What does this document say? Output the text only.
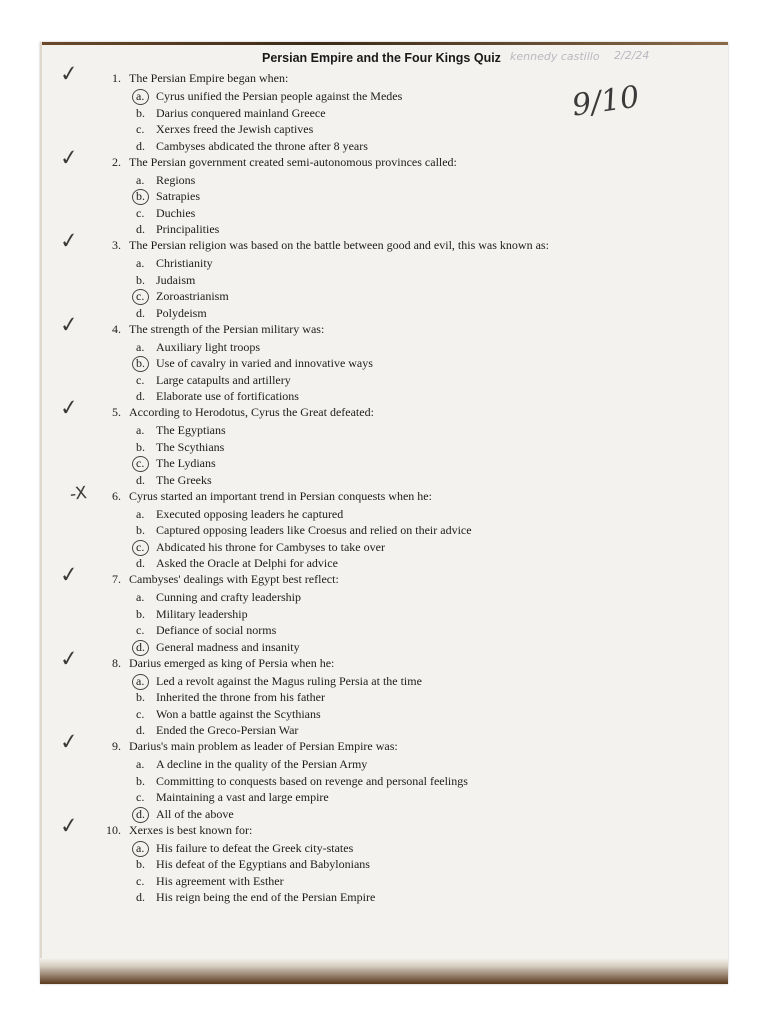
Persian Empire and the Four Kings Quiz kennedy castillo 2/2/24
9/10
✓	1. The Persian Empire began when:
a. Cyrus unified the Persian people against the Medes
b. Darius conquered mainland Greece
c. Xerxes freed the Jewish captives
d. Cambyses abdicated the throne after 8 years
✓	2. The Persian government created semi-autonomous provinces called:
a. Regions
b. Satrapies
c. Duchies
d. Principalities
✓	3. The Persian religion was based on the battle between good and evil, this was known as:
a. Christianity
b. Judaism
c. Zoroastrianism
d. Polydeism
✓	4. The strength of the Persian military was:
a. Auxiliary light troops
b. Use of cavalry in varied and innovative ways
c. Large catapults and artillery
d. Elaborate use of fortifications
✓	5. According to Herodotus, Cyrus the Great defeated:
a. The Egyptians
b. The Scythians
c. The Lydians
d. The Greeks
-X	6. Cyrus started an important trend in Persian conquests when he:
a. Executed opposing leaders he captured
b. Captured opposing leaders like Croesus and relied on their advice
c. Abdicated his throne for Cambyses to take over
d. Asked the Oracle at Delphi for advice
✓	7. Cambyses' dealings with Egypt best reflect:
a. Cunning and crafty leadership
b. Military leadership
c. Defiance of social norms
d. General madness and insanity
✓	8. Darius emerged as king of Persia when he:
a. Led a revolt against the Magus ruling Persia at the time
b. Inherited the throne from his father
c. Won a battle against the Scythians
d. Ended the Greco-Persian War
✓	9. Darius's main problem as leader of Persian Empire was:
a. A decline in the quality of the Persian Army
b. Committing to conquests based on revenge and personal feelings
c. Maintaining a vast and large empire
d. All of the above
✓	10. Xerxes is best known for:
a. His failure to defeat the Greek city-states
b. His defeat of the Egyptians and Babylonians
c. His agreement with Esther
d. His reign being the end of the Persian Empire
